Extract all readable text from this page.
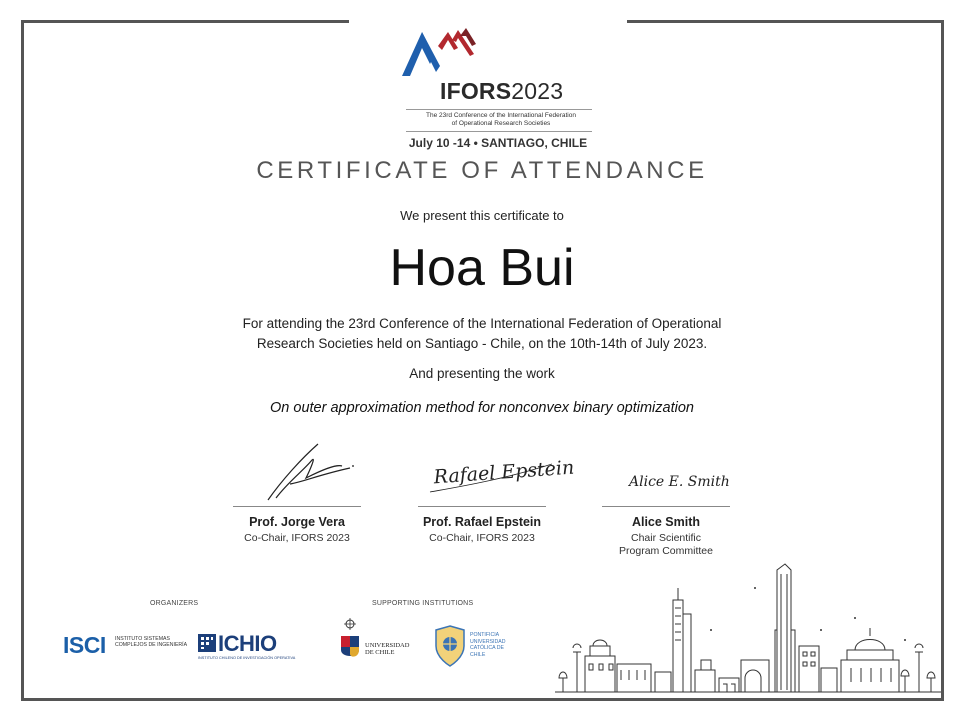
IFORS2023
The 23rd Conference of the International Federation
of Operational Research Societies
July 10 -14 • SANTIAGO, CHILE
CERTIFICATE OF ATTENDANCE
We present this certificate to
Hoa Bui
For attending the 23rd Conference of the International Federation of Operational
Research Societies held on Santiago - Chile, on the 10th-14th of July 2023.
And presenting the work
On outer approximation method for nonconvex binary optimization
Prof. Jorge Vera
Co-Chair, IFORS 2023
Rafael Epstein
Prof. Rafael Epstein
Co-Chair, IFORS 2023
Alice E. Smith
Alice Smith
Chair Scientific
Program Committee
ORGANIZERS	SUPPORTING INSTITUTIONS
ISCI INSTITUTO SISTEMAS COMPLEJOS DE INGENIERÍA	ICHIO
INSTITUTO CHILENO DE INVESTIGACIÓN OPERATIVA
UNIVERSIDAD DE CHILE
PONTIFICIA UNIVERSIDAD CATÓLICA DE CHILE
